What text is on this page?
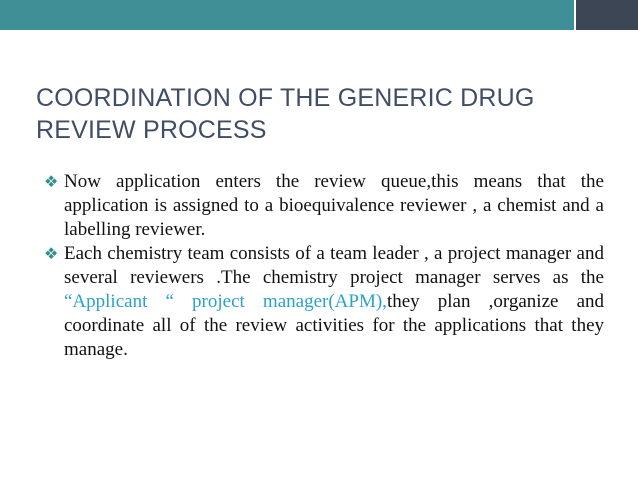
COORDINATION OF THE GENERIC DRUG
REVIEW PROCESS
❖ Now application enters the review queue,this means that the application is assigned to a bioequivalence reviewer , a chemist and a labelling reviewer.
❖ Each chemistry team consists of a team leader , a project manager and several reviewers .The chemistry project manager serves as the “Applicant “ project manager(APM),they plan ,organize and coordinate all of the review activities for the applications that they manage.
